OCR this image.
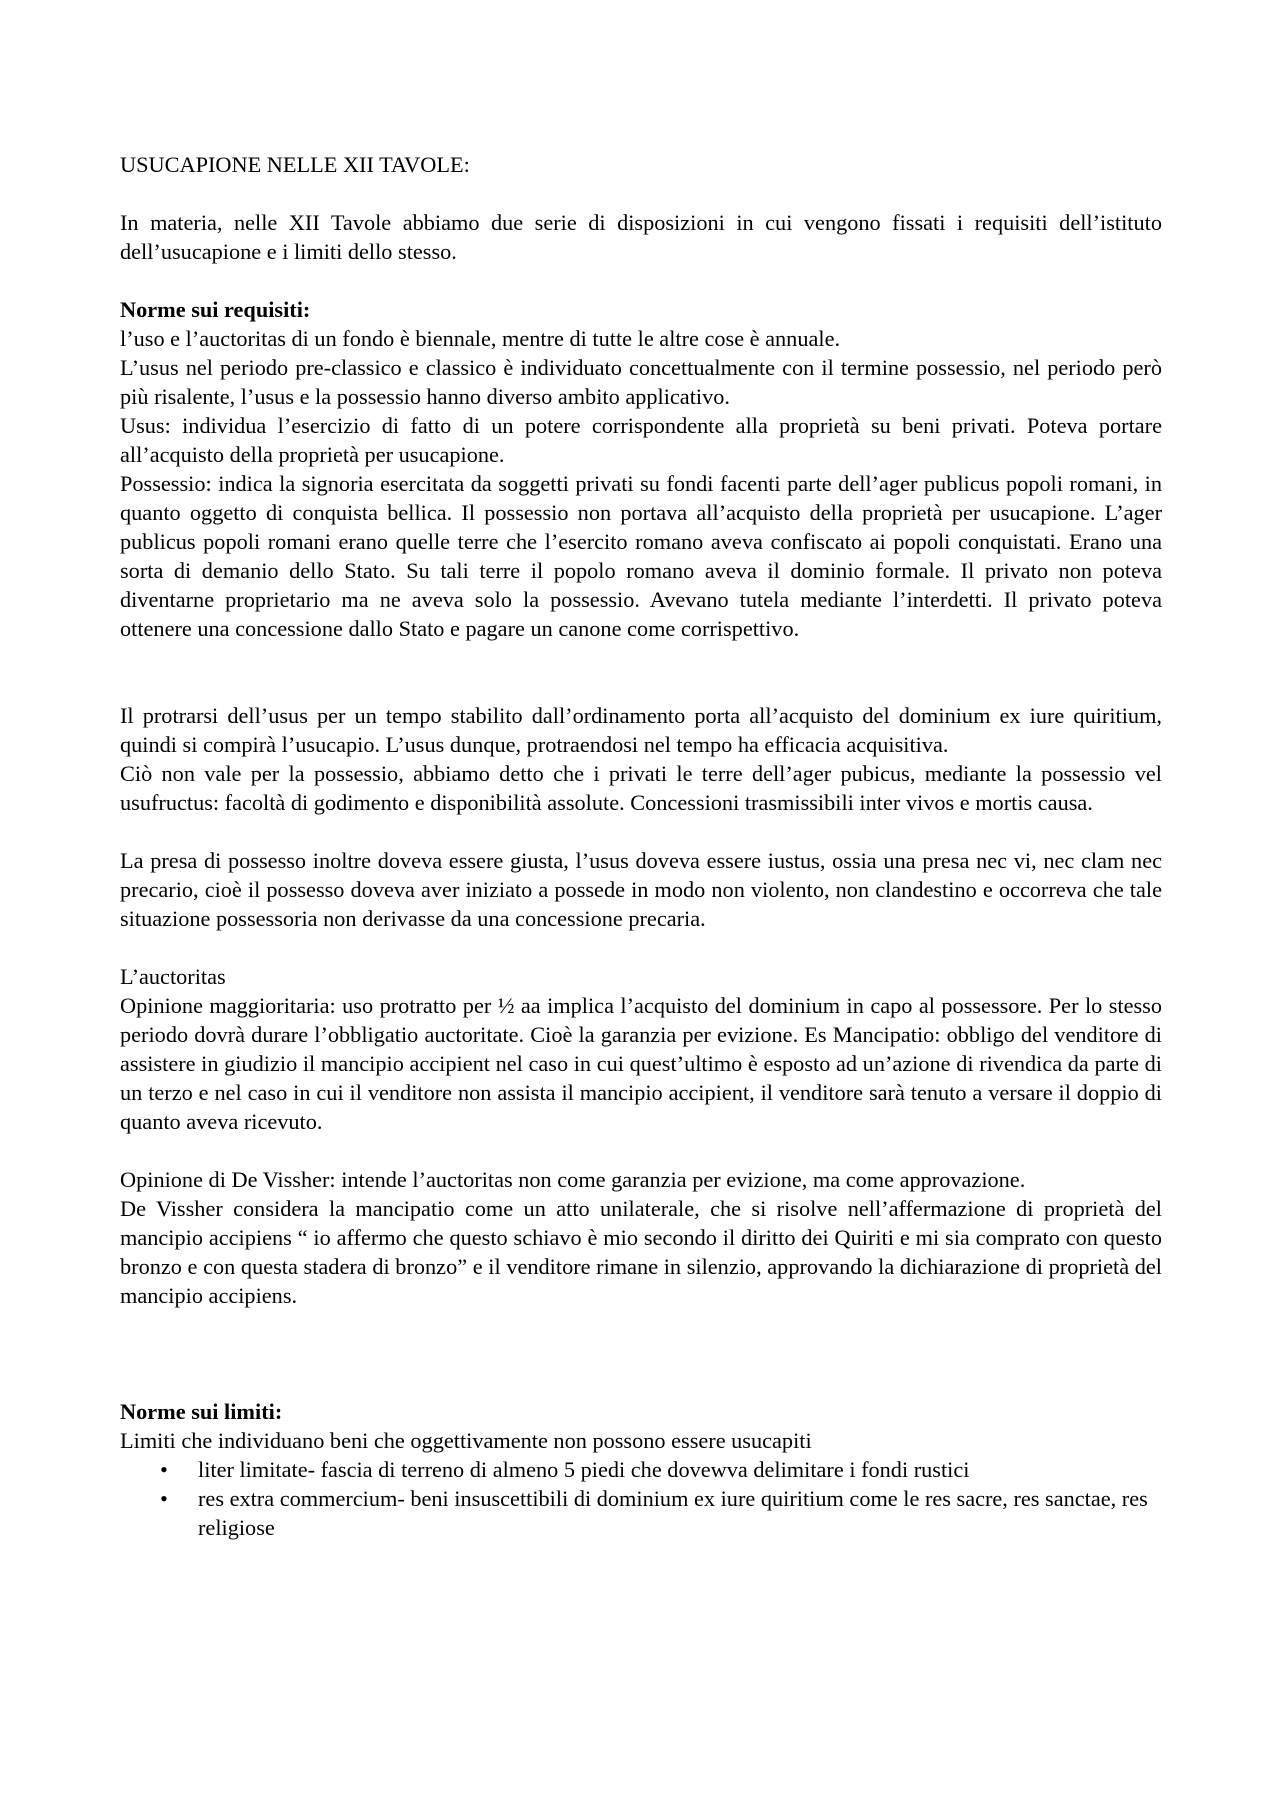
USUCAPIONE NELLE XII TAVOLE:

In materia, nelle XII Tavole abbiamo due serie di disposizioni in cui vengono fissati i requisiti dell’istituto dell’usucapione e i limiti dello stesso.

Norme sui requisiti:

l’uso e l’auctoritas di un fondo è biennale, mentre di tutte le altre cose è annuale.

L’usus nel periodo pre-classico e classico è individuato concettualmente con il termine possessio, nel periodo però più risalente, l’usus e la possessio hanno diverso ambito applicativo.

Usus: individua l’esercizio di fatto di un potere corrispondente alla proprietà su beni privati. Poteva portare all’acquisto della proprietà per usucapione.

Possessio: indica la signoria esercitata da soggetti privati su fondi facenti parte dell’ager publicus popoli romani, in quanto oggetto di conquista bellica. Il possessio non portava all’acquisto della proprietà per usucapione. L’ager publicus popoli romani erano quelle terre che l’esercito romano aveva confiscato ai popoli conquistati. Erano una sorta di demanio dello Stato. Su tali terre il popolo romano aveva il dominio formale. Il privato non poteva diventarne proprietario ma ne aveva solo la possessio. Avevano tutela mediante l’interdetti. Il privato poteva ottenere una concessione dallo Stato e pagare un canone come corrispettivo.

Il protrarsi dell’usus per un tempo stabilito dall’ordinamento porta all’acquisto del dominium ex iure quiritium, quindi si compirà l’usucapio. L’usus dunque, protraendosi nel tempo ha efficacia acquisitiva.

Ciò non vale per la possessio, abbiamo detto che i privati le terre dell’ager pubicus, mediante la possessio vel usufructus: facoltà di godimento e disponibilità assolute. Concessioni trasmissibili inter vivos e mortis causa.

La presa di possesso inoltre doveva essere giusta, l’usus doveva essere iustus, ossia una presa nec vi, nec clam nec precario, cioè il possesso doveva aver iniziato a possede in modo non violento, non clandestino e occorreva che tale situazione possessoria non derivasse da una concessione precaria.

L’auctoritas

Opinione maggioritaria: uso protratto per ½ aa implica l’acquisto del dominium in capo al possessore. Per lo stesso periodo dovrà durare l’obbligatio auctoritate. Cioè la garanzia per evizione. Es Mancipatio: obbligo del venditore di assistere in giudizio il mancipio accipient nel caso in cui quest’ultimo è esposto ad un’azione di rivendica da parte di un terzo e nel caso in cui il venditore non assista il mancipio accipient, il venditore sarà tenuto a versare il doppio di quanto aveva ricevuto.

Opinione di De Vissher: intende l’auctoritas non come garanzia per evizione, ma come approvazione.

De Vissher considera la mancipatio come un atto unilaterale, che si risolve nell’affermazione di proprietà del mancipio accipiens “ io affermo che questo schiavo è mio secondo il diritto dei Quiriti e mi sia comprato con questo bronzo e con questa stadera di bronzo” e il venditore rimane in silenzio, approvando la dichiarazione di proprietà del mancipio accipiens.

Norme sui limiti:

Limiti che individuano beni che oggettivamente non possono essere usucapiti

• liter limitate- fascia di terreno di almeno 5 piedi che dovewva delimitare i fondi rustici
• res extra commercium- beni insuscettibili di dominium ex iure quiritium come le res sacre, res sanctae, res religiose
